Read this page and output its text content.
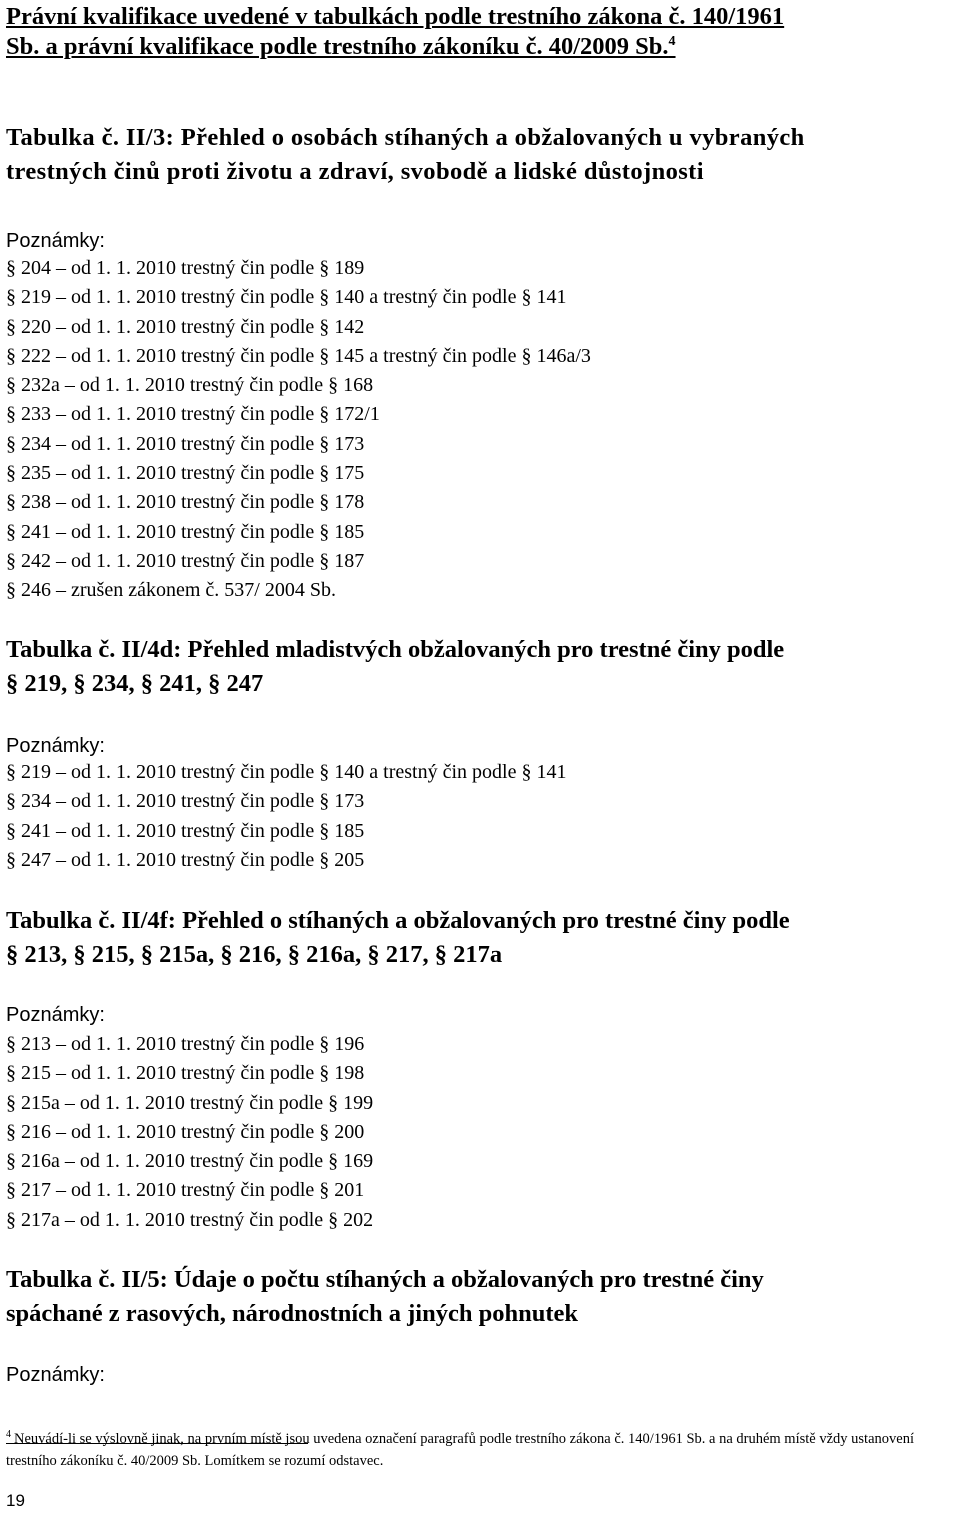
Právní kvalifikace uvedené v tabulkách podle trestního zákona č. 140/1961
Sb. a právní kvalifikace podle trestního zákoníku č. 40/2009 Sb.$^4$
Tabulka č. II/3: Přehled o osobách stíhaných a obžalovaných u vybraných
trestných činů proti životu a zdraví, svobodě a lidské důstojnosti
Poznámky:
§ 204 – od 1. 1. 2010 trestný čin podle § 189
§ 219 – od 1. 1. 2010 trestný čin podle § 140 a trestný čin podle § 141
§ 220 – od 1. 1. 2010 trestný čin podle § 142
§ 222 – od 1. 1. 2010 trestný čin podle § 145 a trestný čin podle § 146a/3
§ 232a – od 1. 1. 2010 trestný čin podle § 168
§ 233 – od 1. 1. 2010 trestný čin podle § 172/1
§ 234 – od 1. 1. 2010 trestný čin podle § 173
§ 235 – od 1. 1. 2010 trestný čin podle § 175
§ 238 – od 1. 1. 2010 trestný čin podle § 178
§ 241 – od 1. 1. 2010 trestný čin podle § 185
§ 242 – od 1. 1. 2010 trestný čin podle § 187
§ 246 – zrušen zákonem č. 537/ 2004 Sb.
Tabulka č. II/4d: Přehled mladistvých obžalovaných pro trestné činy podle
§ 219, § 234, § 241, § 247
Poznámky:
§ 219 – od 1. 1. 2010 trestný čin podle § 140 a trestný čin podle § 141
§ 234 – od 1. 1. 2010 trestný čin podle § 173
§ 241 – od 1. 1. 2010 trestný čin podle § 185
§ 247 – od 1. 1. 2010 trestný čin podle § 205
Tabulka č. II/4f: Přehled o stíhaných a obžalovaných pro trestné činy podle
§ 213, § 215, § 215a, § 216, § 216a, § 217, § 217a
Poznámky:
§ 213 – od 1. 1. 2010 trestný čin podle § 196
§ 215 – od 1. 1. 2010 trestný čin podle § 198
§ 215a – od 1. 1. 2010 trestný čin podle § 199
§ 216 – od 1. 1. 2010 trestný čin podle § 200
§ 216a – od 1. 1. 2010 trestný čin podle § 169
§ 217 – od 1. 1. 2010 trestný čin podle § 201
§ 217a – od 1. 1. 2010 trestný čin podle § 202
Tabulka č. II/5: Údaje o počtu stíhaných a obžalovaných pro trestné činy
spáchané z rasových, národnostních a jiných pohnutek
Poznámky:
$^4$ Neuvádí-li se výslovně jinak, na prvním místě jsou uvedena označení paragrafů podle trestního zákona č. 140/1961 Sb. a na druhém místě vždy ustanovení trestního zákoníku č. 40/2009 Sb. Lomítkem se rozumí odstavec.
19
